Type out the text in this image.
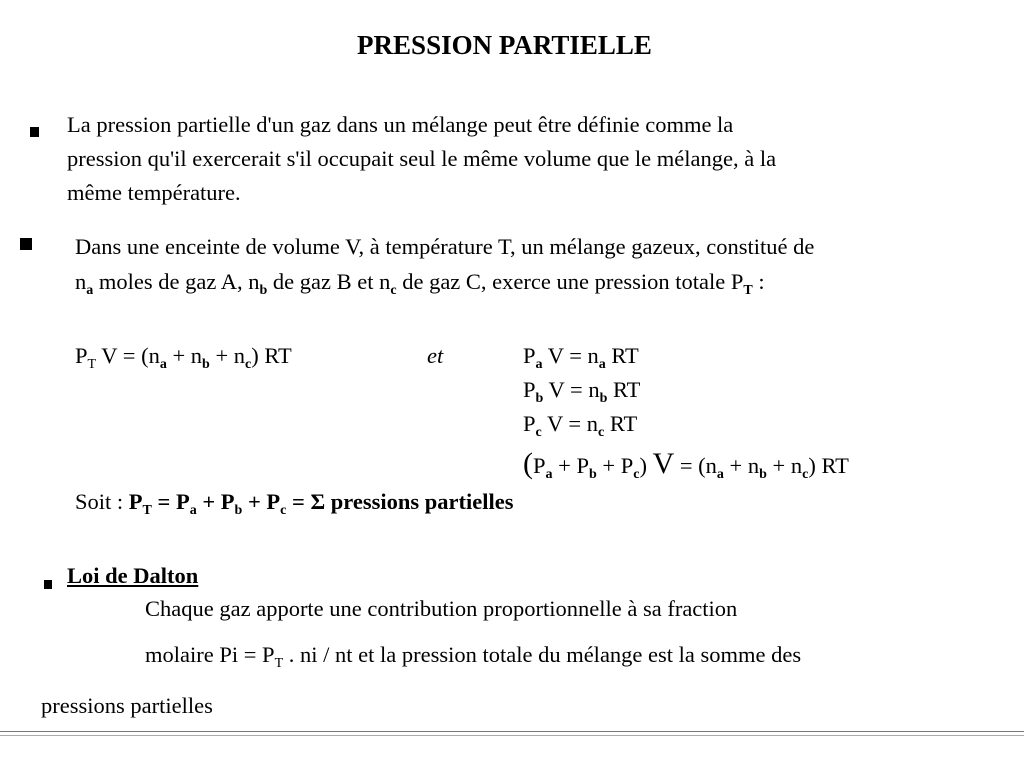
PRESSION PARTIELLE
La pression partielle d'un gaz dans un mélange peut être définie comme la
pression qu'il exercerait s'il occupait seul le même volume que le mélange, à la
même température.
Dans une enceinte de volume V, à température T, un mélange gazeux, constitué de
$n_a$ moles de gaz A, $n_b$ de gaz B et $n_c$ de gaz C, exerce une pression totale $P_T$ :
$P_T$ $V = (n_a + n_b + n_c)$ RT	et	$P_a$ $V = n_a$ RT
$P_b$ $V = n_b$ RT
$P_c$ $V = n_c$ RT
$(P_a + P_b + P_c) V = (n_a + n_b + n_c)$ RT
Soit : $P_T = P_a + P_b + P_c = \Sigma$ pressions partielles
Loi de Dalton
Chaque gaz apporte une contribution proportionnelle à sa fraction
molaire $Pi = P_T$ . ni / nt et la pression totale du mélange est la somme des
pressions partielles
